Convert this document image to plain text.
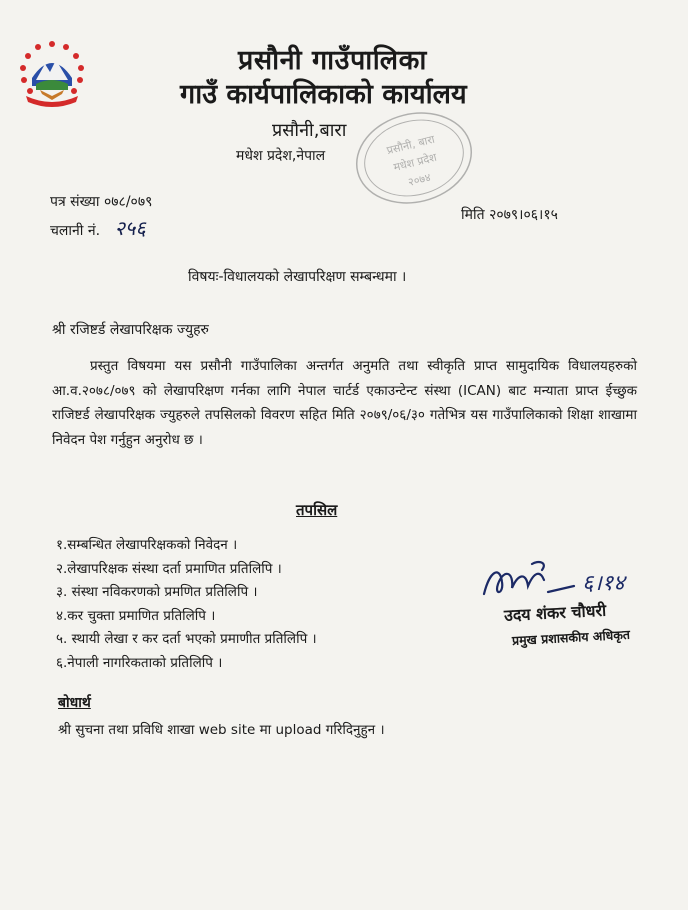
प्रसौनी गाउँपालिका
गाउँ कार्यपालिकाको कार्यालय
प्रसौनी,बारा
मधेश प्रदेश,नेपाल	प्रसौनी, बारा
मधेश प्रदेश
२०७४
पत्र संख्या ०७८/०७९
चलानी नं. २५६
मिति २०७९।०६।१५
विषयः-विधालयको लेखापरिक्षण सम्बन्धमा ।
श्री रजिष्टर्ड लेखापरिक्षक ज्युहरु

प्रस्तुत विषयमा यस प्रसौनी गाउँपालिका अन्तर्गत अनुमति तथा स्वीकृति प्राप्त सामुदायिक विधालयहरुको आ.व.२०७८/०७९ को लेखापरिक्षण गर्नका लागि नेपाल चार्टर्ड एकाउन्टेन्ट संस्था (ICAN) बाट मन्याता प्राप्त ईच्छुक राजिष्टर्ड लेखापरिक्षक ज्युहरुले तपसिलको विवरण सहित मिति २०७९/०६/३० गतेभित्र यस गाउँपालिकाको शिक्षा शाखामा निवेदन पेश गर्नुहुन अनुरोध छ ।

तपसिल
१.सम्बन्धित लेखापरिक्षकको निवेदन ।
२.लेखापरिक्षक संस्था दर्ता प्रमाणित प्रतिलिपि ।
३. संस्था नविकरणको प्रमणित प्रतिलिपि ।
४.कर चुक्ता प्रमाणित प्रतिलिपि ।
५. स्थायी लेखा र कर दर्ता भएको प्रमाणीत प्रतिलिपि ।
६.नेपाली नागरिकताको प्रतिलिपि ।
६।१४
उदय शंकर चौधरी
प्रमुख प्रशासकीय अधिकृत
बोधार्थ
श्री सुचना तथा प्रविधि शाखा web site मा upload गरिदिनुहुन ।
